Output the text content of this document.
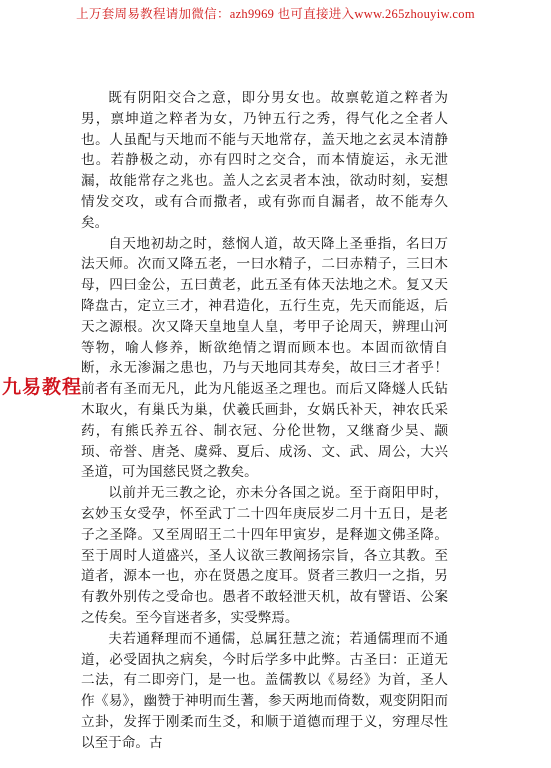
上万套周易教程请加微信：azh9969 也可直接进入www.265zhouyiw.com

既有阴阳交合之意，即分男女也。故禀乾道之粹者为男，禀坤道之粹者为女，乃钟五行之秀，得气化之全者人也。人虽配与天地而不能与天地常存，盖天地之玄灵本清静也。若静极之动，亦有四时之交合，而本情旋运，永无泄漏，故能常存之兆也。盖人之玄灵者本浊，欲动时刻，妄想情发交攻，或有合而撒者，或有弥而自漏者，故不能寿久矣。

自天地初劫之时，慈悯人道，故天降上圣垂指，名曰万法天师。次而又降五老，一曰水精子，二曰赤精子，三曰木母，四曰金公，五曰黄老，此五圣有体天法地之术。复又天降盘古，定立三才，神君造化，五行生克，先天而能返，后天之源根。次又降天皇地皇人皇，考甲子论周天，辨理山河等物，喻人修养，断欲绝情之谓而顾本也。本固而欲情自断，永无渗漏之患也，乃与天地同其寿矣，故曰三才者乎！前者有圣而无凡，此为凡能返圣之理也。而后又降燧人氏钻木取火，有巢氏为巢，伏羲氏画卦，女娲氏补天，神农氏采药，有熊氏养五谷、制衣冠、分伦世物，又继裔少昊、颛顼、帝誉、唐尧、虞舜、夏后、成汤、文、武、周公，大兴圣道，可为国慈民贤之教矣。

以前并无三教之论，亦未分各国之说。至于商阳甲时，玄妙玉女受孕，怀至武丁二十四年庚辰岁二月十五日，是老子之圣降。又至周昭王二十四年甲寅岁，是释迦文佛圣降。至于周时人道盛兴，圣人议欲三教阐扬宗旨，各立其教。至道者，源本一也，亦在贤愚之度耳。贤者三教归一之指，另有教外别传之受命也。愚者不敢轻泄天机，故有譬语、公案之传矣。至今盲迷者多，实受弊焉。

夫若通释理而不通儒，总属狂慧之流；若通儒理而不通道，必受固执之病矣，今时后学多中此弊。古圣曰：正道无二法，有二即旁门，是一也。盖儒教以《易经》为首，圣人作《易》，幽赞于神明而生蓍，参天两地而倚数，观变阴阳而立卦，发挥于刚柔而生爻，和顺于道德而理于义，穷理尽性以至于命。古

九易教程
